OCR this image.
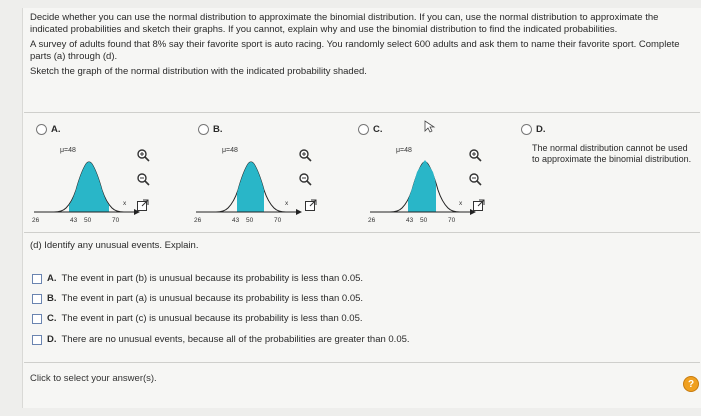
Decide whether you can use the normal distribution to approximate the binomial distribution. If you can, use the normal distribution to approximate the indicated probabilities and sketch their graphs. If you cannot, explain why and use the binomial distribution to find the indicated probabilities.

A survey of adults found that 8% say their favorite sport is auto racing. You randomly select 600 adults and ask them to name their favorite sport. Complete parts (a) through (d).

Sketch the graph of the normal distribution with the indicated probability shaded.

A.
μ=48
x
26	43 50	70
B.
μ=48
x
26	43 50	70
C.
μ=48
x
26	43 50	70
D.
The normal distribution cannot be used to approximate the binomial distribution.
(d) Identify any unusual events. Explain.
A. The event in part (b) is unusual because its probability is less than 0.05.
B. The event in part (a) is unusual because its probability is less than 0.05.
C. The event in part (c) is unusual because its probability is less than 0.05.
D. There are no unusual events, because all of the probabilities are greater than 0.05.
Click to select your answer(s).	?
